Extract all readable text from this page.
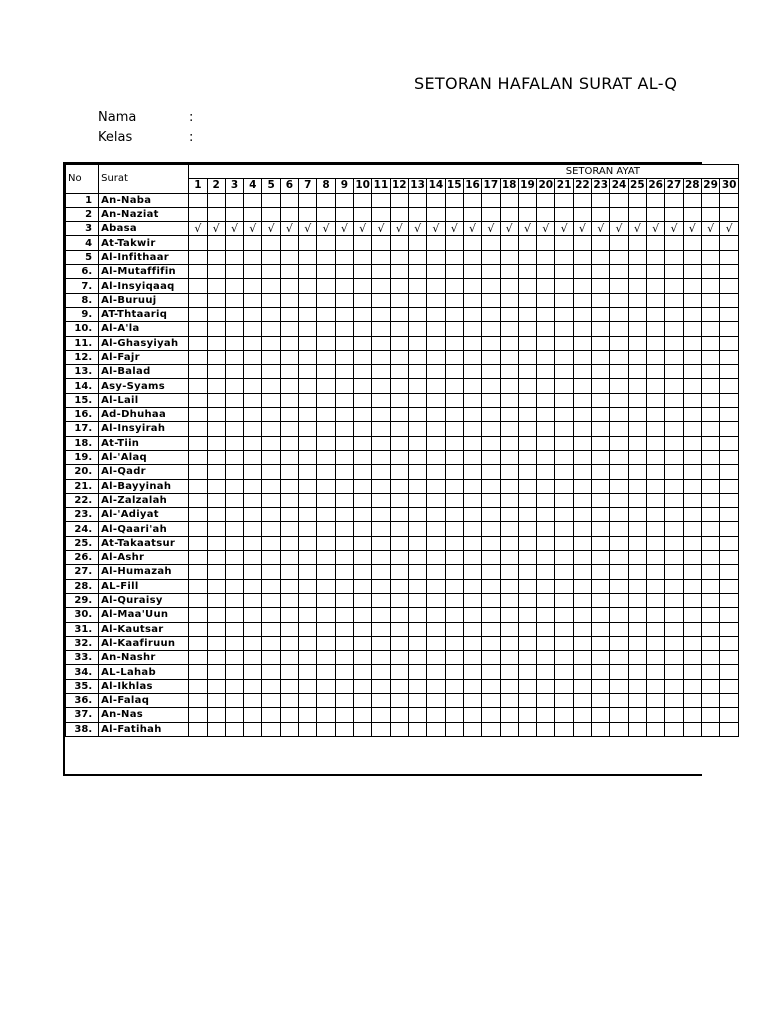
SETORAN HAFALAN SURAT AL-Q
Nama	:
Kelas	:
No	Surat	SETORAN AYAT																													
		1	2	3	4	5	6	7	8	9	10	11	12	13	14	15	16	17	18	19	20	21	22	23	24	25	26	27	28	29	30
1	An-Naba																														
2	An-Naziat																														
3	Abasa	√	√	√	√	√	√	√	√	√	√	√	√	√	√	√	√	√	√	√	√	√	√	√	√	√	√	√	√	√	√
4	At-Takwir																														
5	Al-Infithaar																														
6.	Al-Mutaffifin																														
7.	Al-Insyiqaaq																														
8.	Al-Buruuj																														
9.	AT-Thtaariq																														
10.	Al-A'la																														
11.	Al-Ghasyiyah																														
12.	Al-Fajr																														
13.	Al-Balad																														
14.	Asy-Syams																														
15.	Al-Lail																														
16.	Ad-Dhuhaa																														
17.	Al-Insyirah																														
18.	At-Tiin																														
19.	Al-'Alaq																														
20.	Al-Qadr																														
21.	Al-Bayyinah																														
22.	Al-Zalzalah																														
23.	Al-'Adiyat																														
24.	Al-Qaari'ah																														
25.	At-Takaatsur																														
26.	Al-Ashr																														
27.	Al-Humazah																														
28.	AL-Fill																														
29.	Al-Quraisy																														
30.	Al-Maa'Uun																														
31.	Al-Kautsar																														
32.	Al-Kaafiruun																														
33.	An-Nashr																														
34.	AL-Lahab																														
35.	Al-Ikhlas																														
36.	Al-Falaq																														
37.	An-Nas																														
38.	Al-Fatihah																														
